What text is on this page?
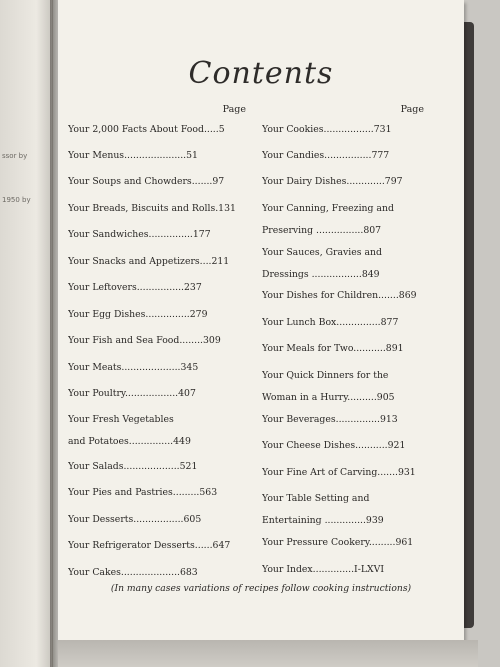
ssor by
1950 by
Contents
Page
Your 2,000 Facts About Food.....5
Your Menus.....................51
Your Soups and Chowders.......97
Your Breads, Biscuits and Rolls.131
Your Sandwiches...............177
Your Snacks and Appetizers....211
Your Leftovers................237
Your Egg Dishes...............279
Your Fish and Sea Food........309
Your Meats....................345
Your Poultry..................407
Your Fresh Vegetables
and Potatoes...............449
Your Salads...................521
Your Pies and Pastries.........563
Your Desserts.................605
Your Refrigerator Desserts......647
Your Cakes....................683
Page
Your Cookies.................731
Your Candies................777
Your Dairy Dishes.............797
Your Canning, Freezing and
Preserving ................807
Your Sauces, Gravies and
Dressings .................849
Your Dishes for Children.......869
Your Lunch Box...............877
Your Meals for Two...........891
Your Quick Dinners for the
Woman in a Hurry..........905
Your Beverages...............913
Your Cheese Dishes...........921
Your Fine Art of Carving.......931
Your Table Setting and
Entertaining ..............939
Your Pressure Cookery.........961
Your Index..............I-LXVI
(In many cases variations of recipes follow cooking instructions)
